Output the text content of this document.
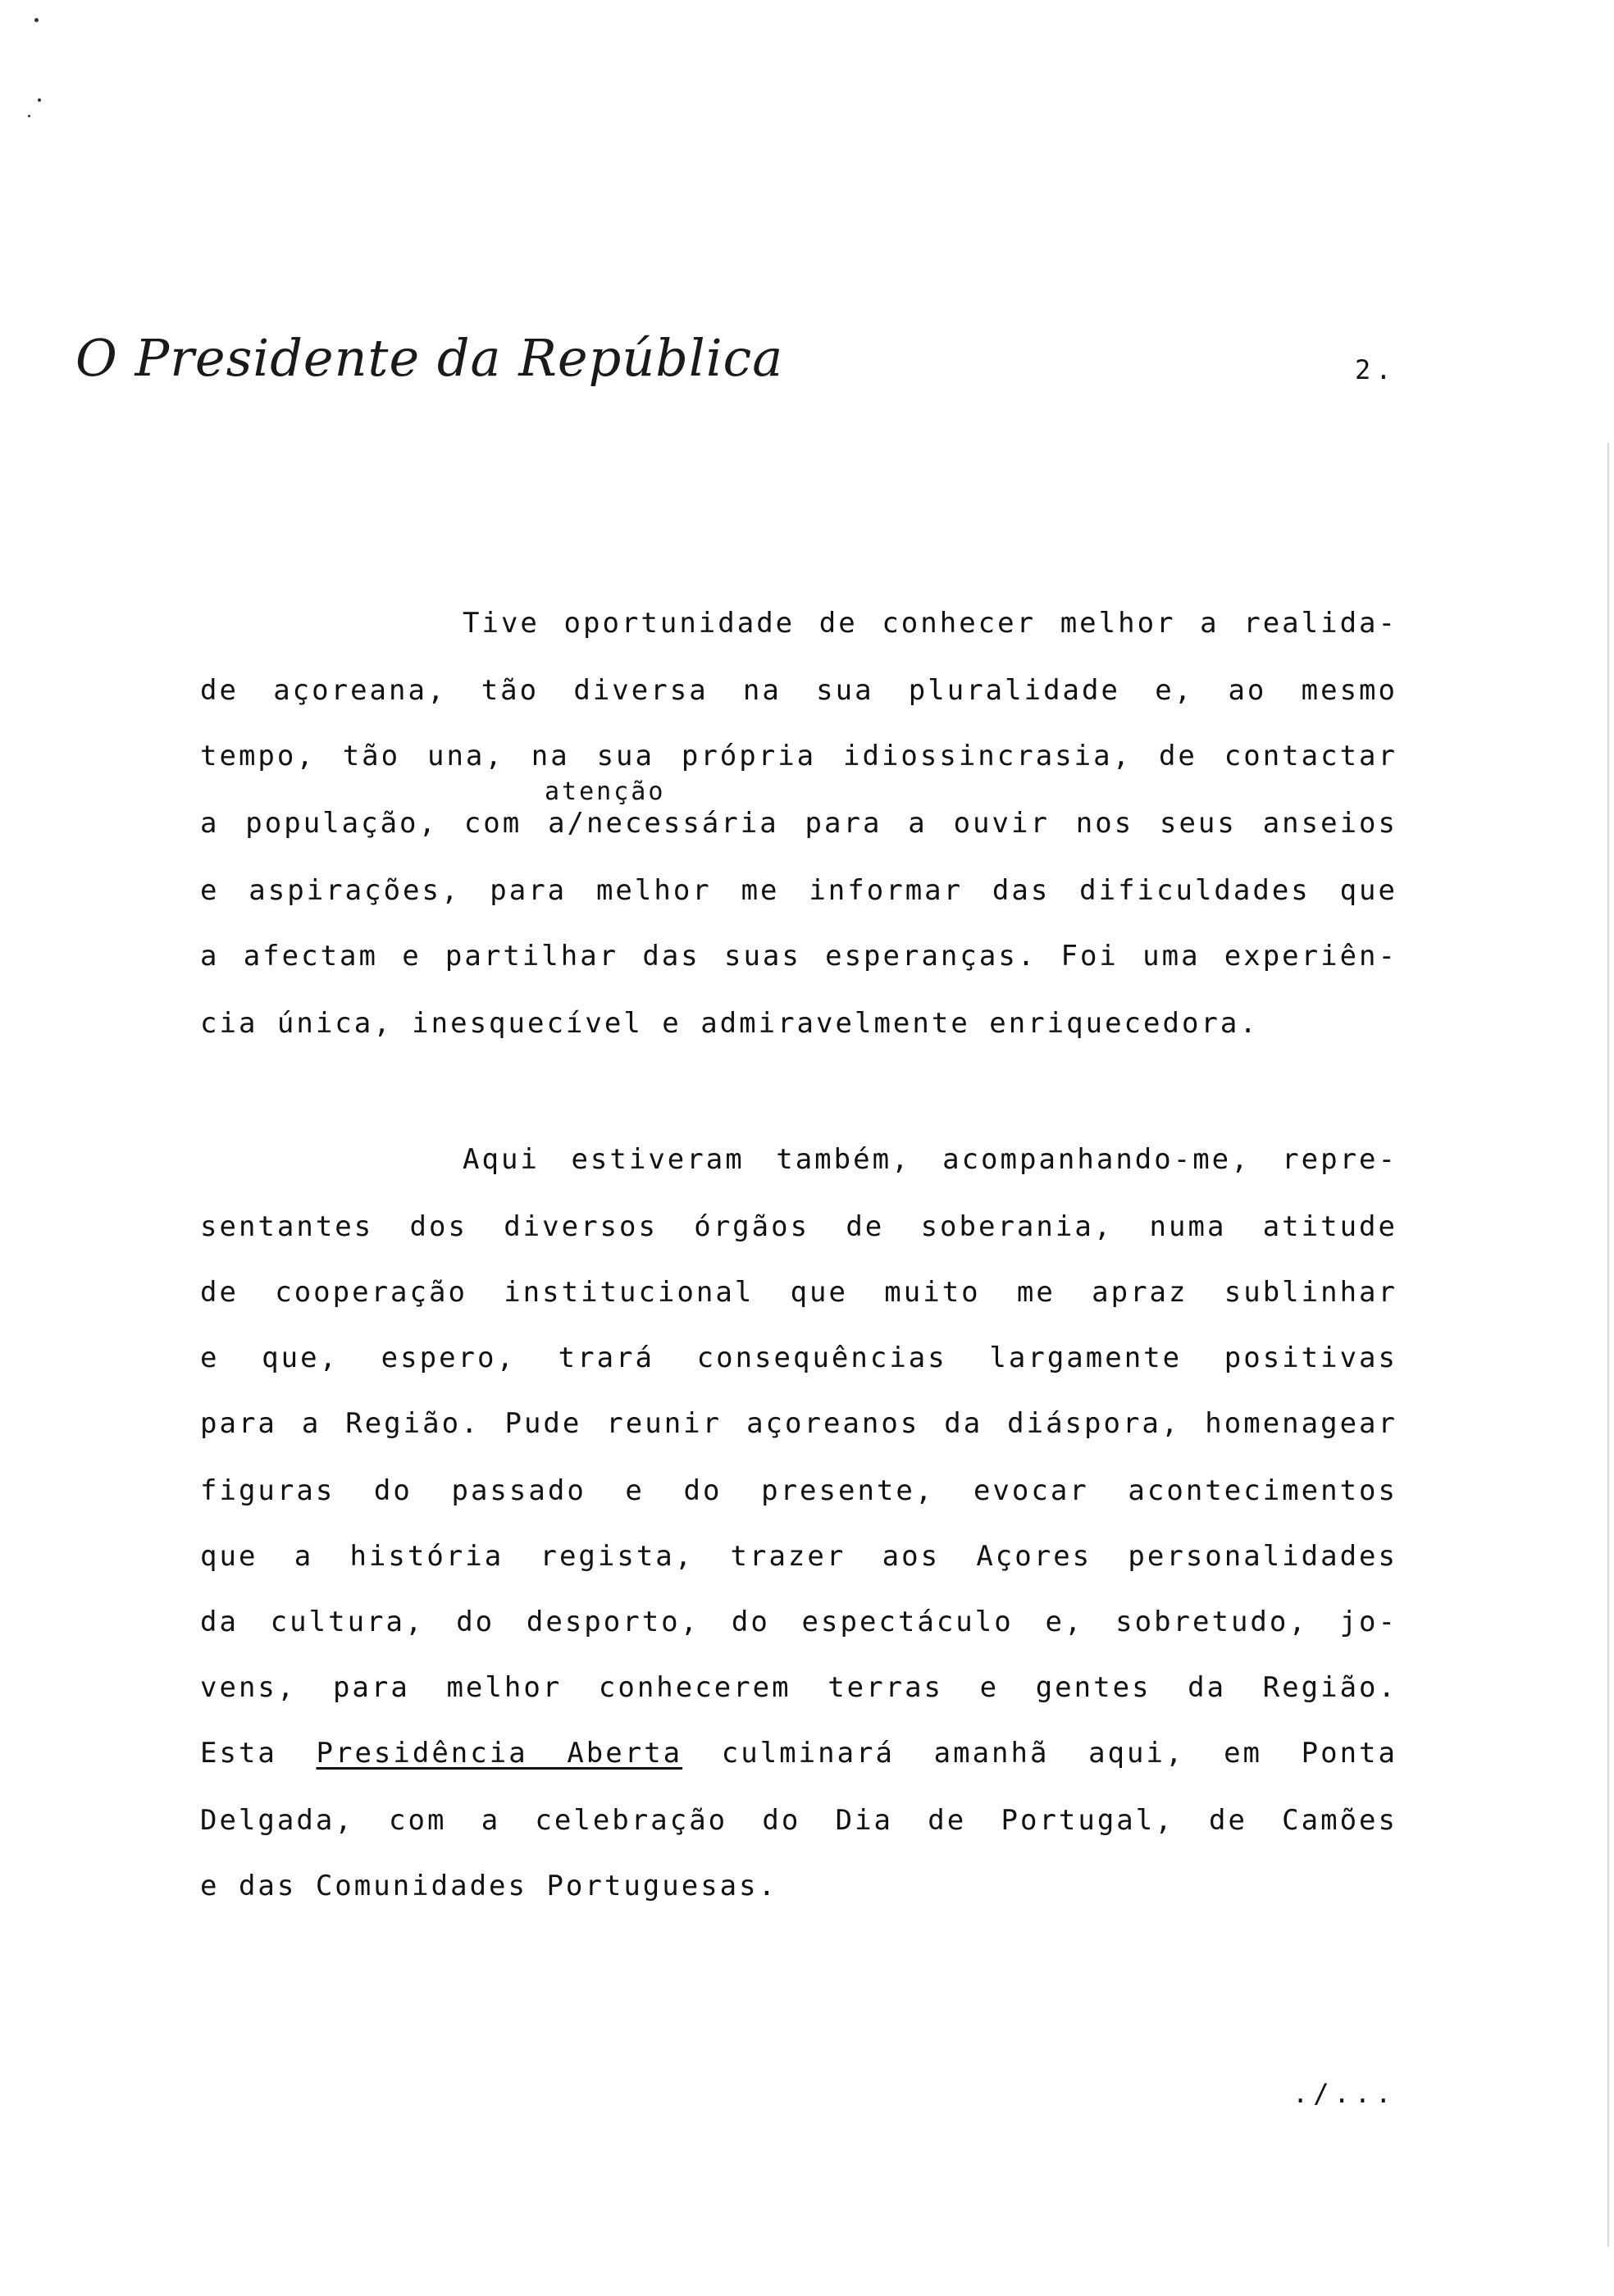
O Presidente da República	2.
Tive oportunidade de conhecer melhor a realida-
de açoreana, tão diversa na sua pluralidade e, ao mesmo
tempo, tão una, na sua própria idiossincrasia, de contactar
atenção
a população, com a/necessária para a ouvir nos seus anseios
e aspirações, para melhor me informar das dificuldades que
a afectam e partilhar das suas esperanças. Foi uma experiên-
cia única, inesquecível e admiravelmente enriquecedora.
Aqui estiveram também, acompanhando-me, repre-
sentantes dos diversos órgãos de soberania, numa atitude
de cooperação institucional que muito me apraz sublinhar
e que, espero, trará consequências largamente positivas
para a Região. Pude reunir açoreanos da diáspora, homenagear
figuras do passado e do presente, evocar acontecimentos
que a história regista, trazer aos Açores personalidades
da cultura, do desporto, do espectáculo e, sobretudo, jo-
vens, para melhor conhecerem terras e gentes da Região.
Esta Presidência Aberta culminará amanhã aqui, em Ponta
Delgada, com a celebração do Dia de Portugal, de Camões
e das Comunidades Portuguesas.
./...
